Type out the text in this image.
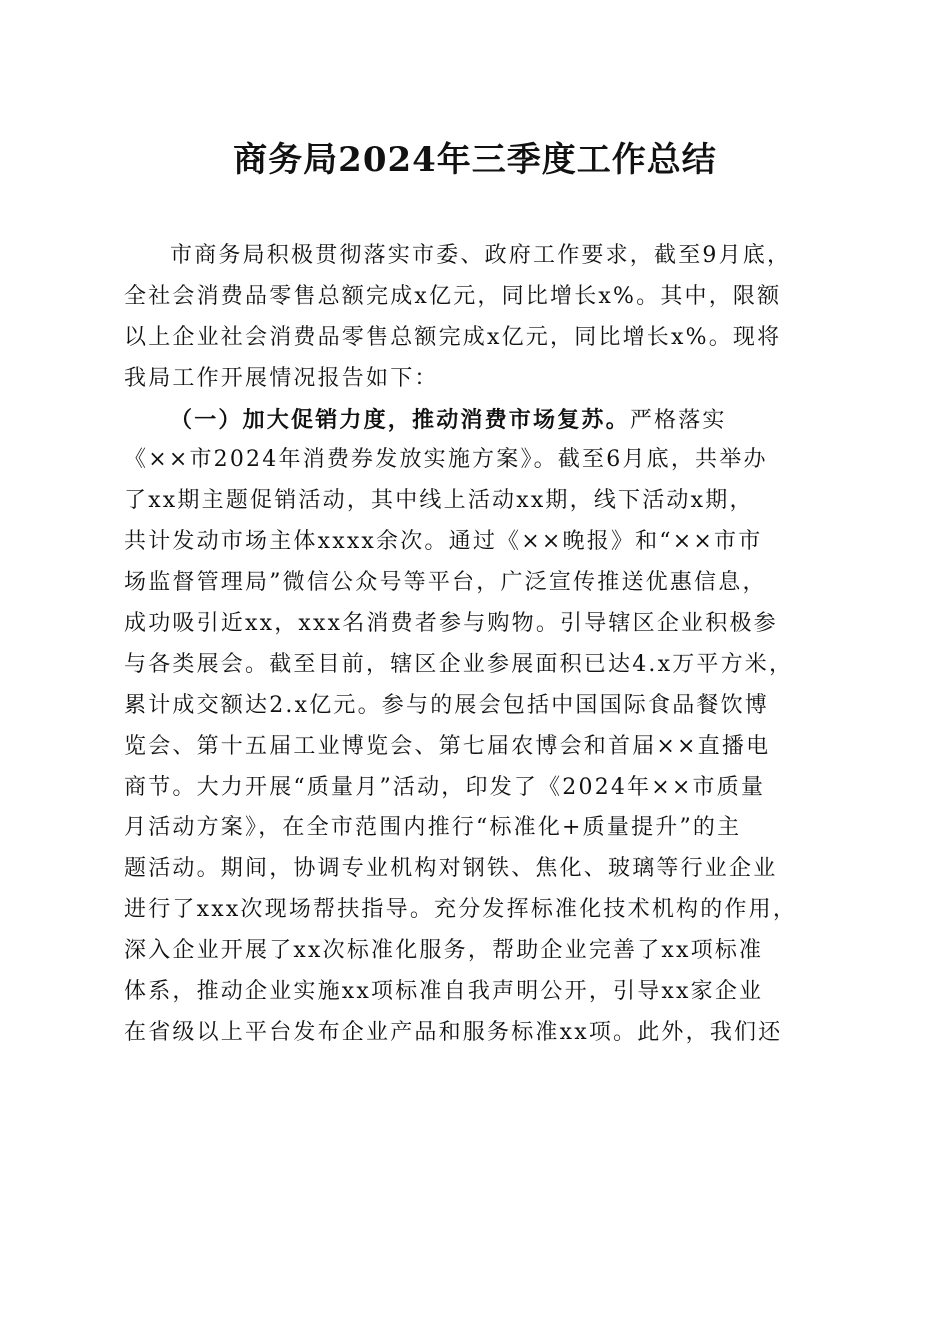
商务局2024年三季度工作总结
市商务局积极贯彻落实市委、政府工作要求，截至9月底，
全社会消费品零售总额完成x亿元，同比增长x%。其中，限额
以上企业社会消费品零售总额完成x亿元，同比增长x%。现将
我局工作开展情况报告如下：
（一）加大促销力度，推动消费市场复苏。严格落实
《××市2024年消费券发放实施方案》。截至6月底，共举办
了xx期主题促销活动，其中线上活动xx期，线下活动x期，
共计发动市场主体xxxx余次。通过《××晚报》和“××市市
场监督管理局”微信公众号等平台，广泛宣传推送优惠信息，
成功吸引近xx，xxx名消费者参与购物。引导辖区企业积极参
与各类展会。截至目前，辖区企业参展面积已达4.x万平方米，
累计成交额达2.x亿元。参与的展会包括中国国际食品餐饮博
览会、第十五届工业博览会、第七届农博会和首届××直播电
商节。大力开展“质量月”活动，印发了《2024年××市质量
月活动方案》，在全市范围内推行“标准化+质量提升”的主
题活动。期间，协调专业机构对钢铁、焦化、玻璃等行业企业
进行了xxx次现场帮扶指导。充分发挥标准化技术机构的作用，
深入企业开展了xx次标准化服务，帮助企业完善了xx项标准
体系，推动企业实施xx项标准自我声明公开，引导xx家企业
在省级以上平台发布企业产品和服务标准xx项。此外，我们还
